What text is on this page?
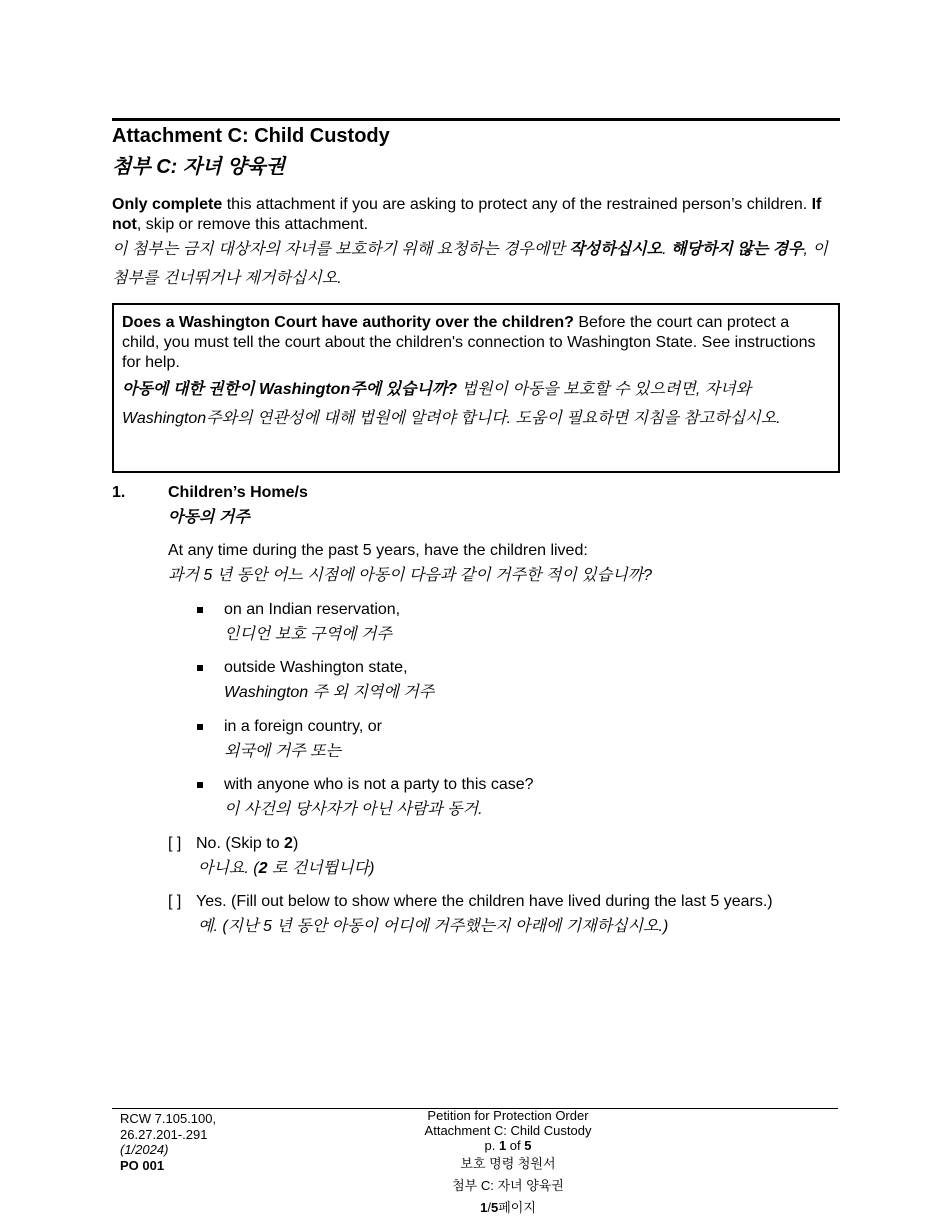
Attachment C: Child Custody
첨부 C: 자녀 양육권
Only complete this attachment if you are asking to protect any of the restrained person’s children. If not, skip or remove this attachment.
이 첨부는 금지 대상자의 자녀를 보호하기 위해 요청하는 경우에만 작성하십시오. 해당하지 않는 경우, 이 첨부를 건너뛰거나 제거하십시오.
Does a Washington Court have authority over the children? Before the court can protect a child, you must tell the court about the children's connection to Washington State. See instructions for help.
아동에 대한 권한이 Washington주에 있습니까? 법원이 아동을 보호할 수 있으려면, 자녀와 Washington주와의 연관성에 대해 법원에 알려야 합니다. 도움이 필요하면 지침을 참고하십시오.
1.	Children’s Home/s
아동의 거주
At any time during the past 5 years, have the children lived:
과거 5 년 동안 어느 시점에 아동이 다음과 같이 거주한 적이 있습니까?
on an Indian reservation,
인디언 보호 구역에 거주
outside Washington state,
Washington 주 외 지역에 거주
in a foreign country, or
외국에 거주 또는
with anyone who is not a party to this case?
이 사건의 당사자가 아닌 사람과 동거.
[ ] No. (Skip to 2)
아니요. (2 로 건너뜁니다)
[ ] Yes. (Fill out below to show where the children have lived during the last 5 years.)
예. (지난 5 년 동안 아동이 어디에 거주했는지 아래에 기재하십시오.)
RCW 7.105.100,
26.27.201-.291
(1/2024)
PO 001
Petition for Protection Order
Attachment C: Child Custody
p. 1 of 5
보호 명령 청원서
첨부 C: 자녀 양육권
1/5페이지
